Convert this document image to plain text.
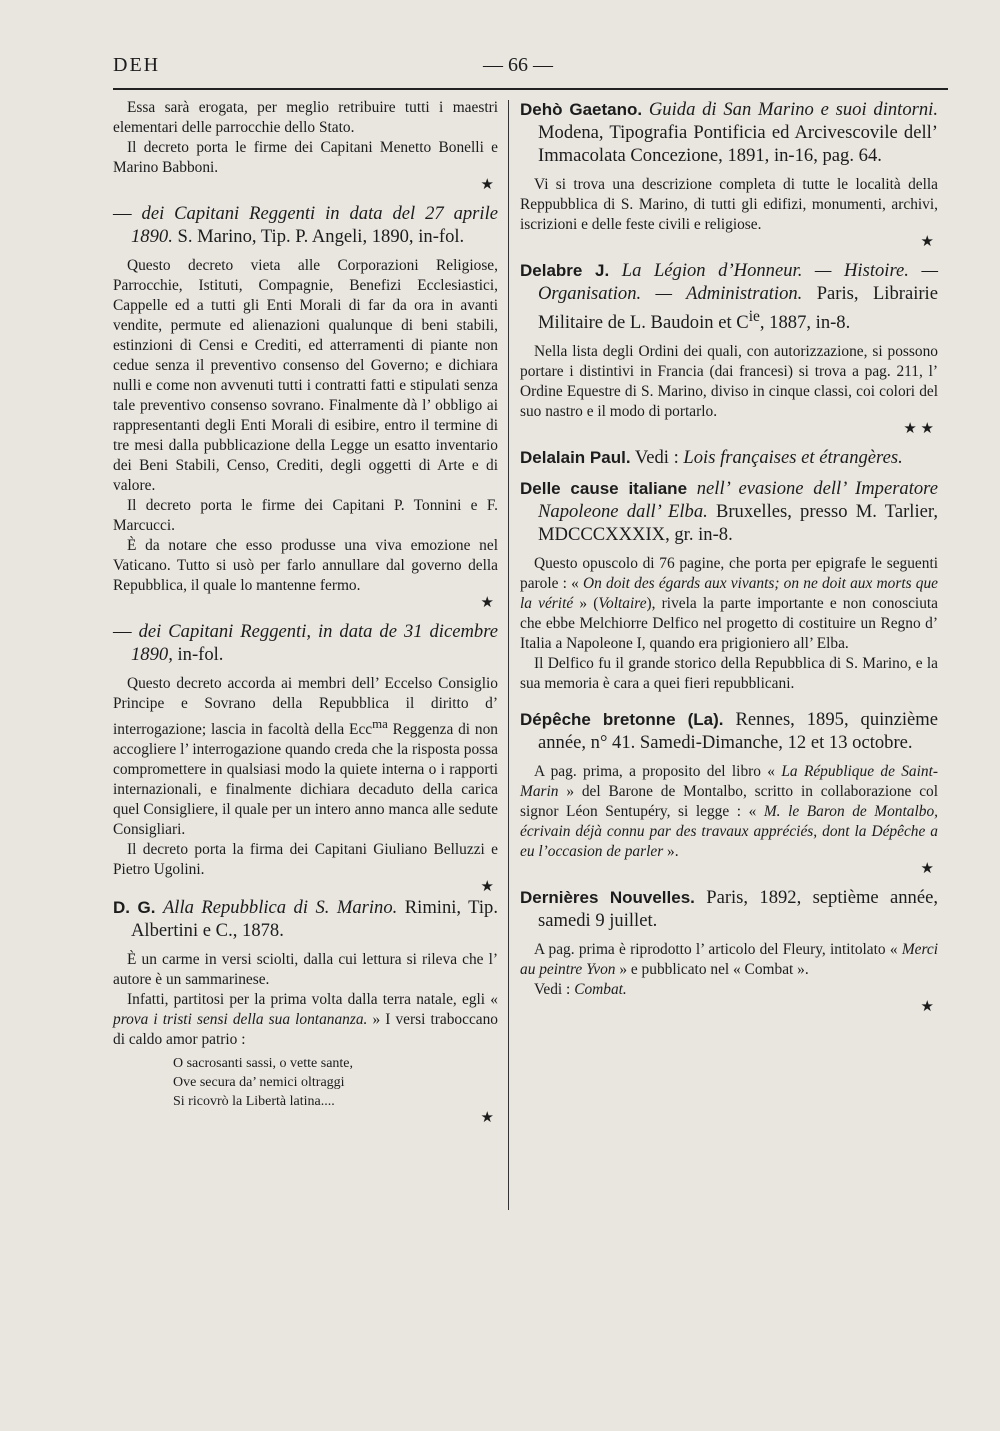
DEH	— 66 —

Essa sarà erogata, per meglio retribuire tutti i maestri elementari delle parrocchie dello Stato.

Il decreto porta le firme dei Capitani Menetto Bonelli e Marino Babboni.

★

— dei Capitani Reggenti in data del 27 aprile 1890. S. Marino, Tip. P. Angeli, 1890, in-fol.

Questo decreto vieta alle Corporazioni Religiose, Parrocchie, Istituti, Compagnie, Benefizi Ecclesiastici, Cappelle ed a tutti gli Enti Morali di far da ora in avanti vendite, permute ed alienazioni qualunque di beni stabili, estinzioni di Censi e Crediti, ed atterramenti di piante non cedue senza il preventivo consenso del Governo; e dichiara nulli e come non avvenuti tutti i contratti fatti e stipulati senza tale preventivo consenso sovrano. Finalmente dà l’ obbligo ai rappresentanti degli Enti Morali di esibire, entro il termine di tre mesi dalla pubblicazione della Legge un esatto inventario dei Beni Stabili, Censo, Crediti, degli oggetti di Arte e di valore.

Il decreto porta le firme dei Capitani P. Tonnini e F. Marcucci.

È da notare che esso produsse una viva emozione nel Vaticano. Tutto si usò per farlo annullare dal governo della Repubblica, il quale lo mantenne fermo.

★

— dei Capitani Reggenti, in data de 31 dicembre 1890, in-fol.

Questo decreto accorda ai membri dell’ Eccelso Consiglio Principe e Sovrano della Repubblica il diritto d’ interrogazione; lascia in facoltà della Ecc$^{ma}$ Reggenza di non accogliere l’ interrogazione quando creda che la risposta possa compromettere in qualsiasi modo la quiete interna o i rapporti internazionali, e finalmente dichiara decaduto della carica quel Consigliere, il quale per un intero anno manca alle sedute Consigliari.

Il decreto porta la firma dei Capitani Giuliano Belluzzi e Pietro Ugolini.

★

D. G. Alla Repubblica di S. Marino. Rimini, Tip. Albertini e C., 1878.

È un carme in versi sciolti, dalla cui lettura si rileva che l’ autore è un sammarinese.

Infatti, partitosi per la prima volta dalla terra natale, egli « prova i tristi sensi della sua lontananza. » I versi traboccano di caldo amor patrio :

O sacrosanti sassi, o vette sante,
Ove secura da’ nemici oltraggi
Si ricovrò la Libertà latina....
★

Dehò Gaetano. Guida di San Marino e suoi dintorni. Modena, Tipografia Pontificia ed Arcivescovile dell’ Immacolata Concezione, 1891, in-16, pag. 64.

Vi si trova una descrizione completa di tutte le località della Reppubblica di S. Marino, di tutti gli edifizi, monumenti, archivi, iscrizioni e delle feste civili e religiose.

★

Delabre J. La Légion d’Honneur. — Histoire. — Organisation. — Administration. Paris, Librairie Militaire de L. Baudoin et $C^{ie}$, 1887, in-8.

Nella lista degli Ordini dei quali, con autorizzazione, si possono portare i distintivi in Francia (dai francesi) si trova a pag. 211, l’ Ordine Equestre di S. Marino, diviso in cinque classi, coi colori del suo nastro e il modo di portarlo.

★ ★

Delalain Paul. Vedi : Lois françaises et étrangères.

Delle cause italiane nell’ evasione dell’ Imperatore Napoleone dall’ Elba. Bruxelles, presso M. Tarlier, MDCCCXXXIX, gr. in-8.

Questo opuscolo di 76 pagine, che porta per epigrafe le seguenti parole : « On doit des égards aux vivants; on ne doit aux morts que la vérité » (Voltaire), rivela la parte importante e non conosciuta che ebbe Melchiorre Delfico nel progetto di costituire un Regno d’ Italia a Napoleone I, quando era prigioniero all’ Elba.

Il Delfico fu il grande storico della Repubblica di S. Marino, e la sua memoria è cara a quei fieri repubblicani.

Dépêche bretonne (La). Rennes, 1895, quinzième année, n° 41. Samedi-Dimanche, 12 et 13 octobre.

A pag. prima, a proposito del libro « La République de Saint-Marin » del Barone de Montalbo, scritto in collaborazione col signor Léon Sentupéry, si legge : « M. le Baron de Montalbo, écrivain déjà connu par des travaux appréciés, dont la Dépêche a eu l’occasion de parler ».

★

Dernières Nouvelles. Paris, 1892, septième année, samedi 9 juillet.

A pag. prima è riprodotto l’ articolo del Fleury, intitolato « Merci au peintre Yvon » e pubblicato nel « Combat ».

Vedi : Combat.

★
